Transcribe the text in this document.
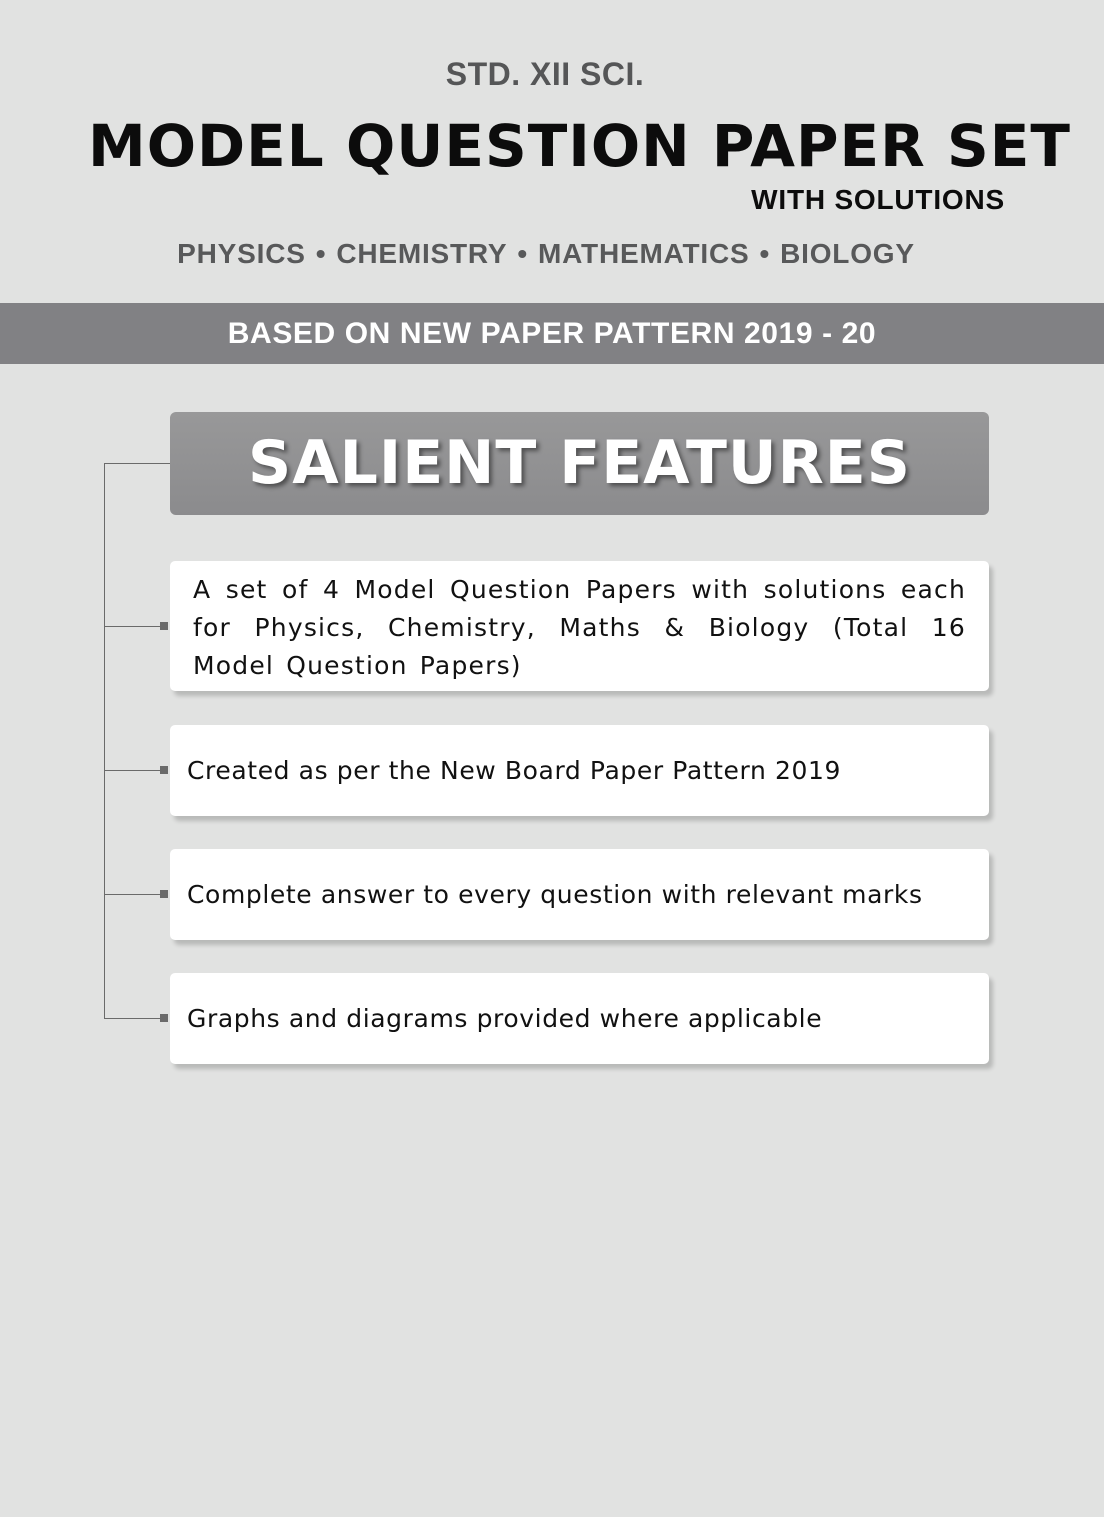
STD. XII SCI.
MODEL QUESTION PAPER SET
WITH SOLUTIONS
PHYSICS • CHEMISTRY • MATHEMATICS • BIOLOGY
BASED ON NEW PAPER PATTERN 2019 - 20
SALIENT FEATURES
A set of 4 Model Question Papers with solutions each for Physics, Chemistry, Maths & Biology (Total 16 Model Question Papers)
Created as per the New Board Paper Pattern 2019
Complete answer to every question with relevant marks
Graphs and diagrams provided where applicable
